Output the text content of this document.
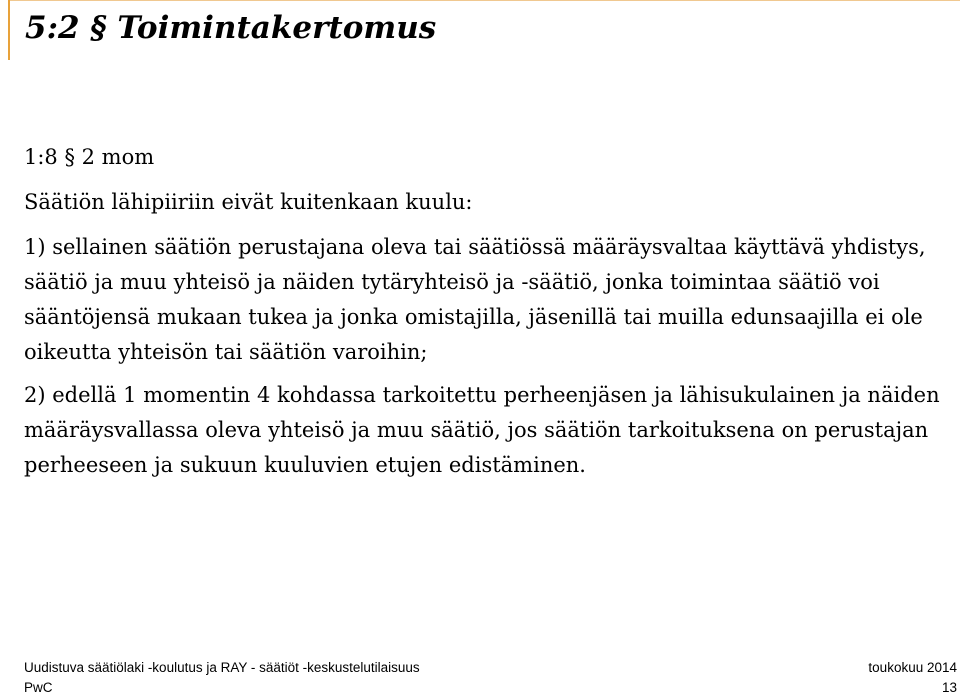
5:2 § Toimintakertomus

1:8 § 2 mom

Säätiön lähipiiriin eivät kuitenkaan kuulu:

1) sellainen säätiön perustajana oleva tai säätiössä määräysvaltaa käyttävä yhdistys, säätiö ja muu yhteisö ja näiden tytäryhteisö ja -säätiö, jonka toimintaa säätiö voi sääntöjensä mukaan tukea ja jonka omistajilla, jäsenillä tai muilla edunsaajilla ei ole oikeutta yhteisön tai säätiön varoihin;

2) edellä 1 momentin 4 kohdassa tarkoitettu perheenjäsen ja lähisukulainen ja näiden määräysvallassa oleva yhteisö ja muu säätiö, jos säätiön tarkoituksena on perustajan perheeseen ja sukuun kuuluvien etujen edistäminen.

Uudistuva säätiölaki -koulutus ja RAY - säätiöt -keskustelutilaisuus	toukokuu 2014
PwC	13
